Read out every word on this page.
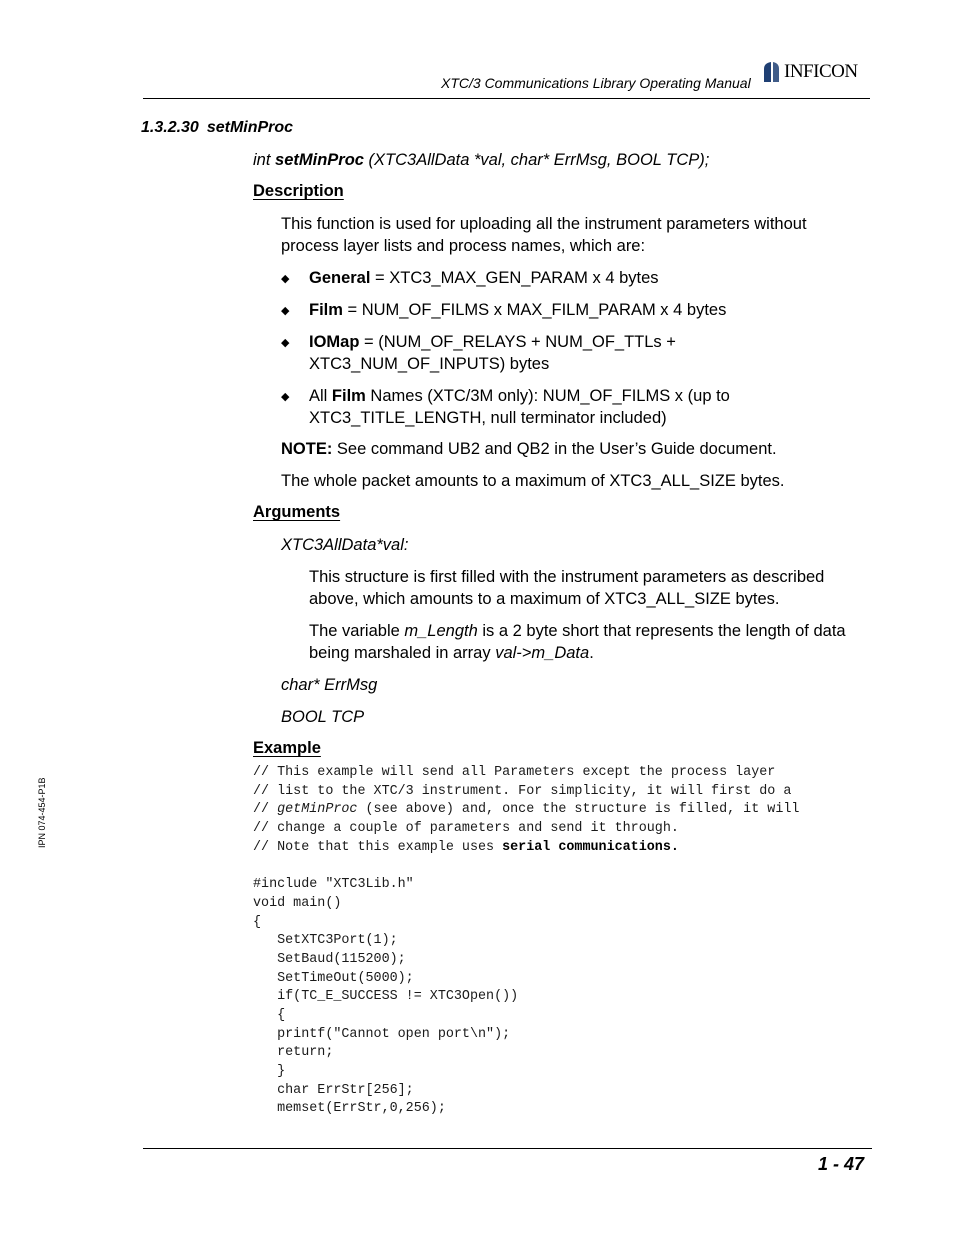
XTC/3 Communications Library Operating Manual
INFICON
IPN 074-454-P1B
1.3.2.30 setMinProc
int setMinProc (XTC3AllData *val, char* ErrMsg, BOOL TCP);
Description
This function is used for uploading all the instrument parameters without
process layer lists and process names, which are:
◆ General = XTC3_MAX_GEN_PARAM x 4 bytes
◆ Film = NUM_OF_FILMS x MAX_FILM_PARAM x 4 bytes
◆ IOMap = (NUM_OF_RELAYS + NUM_OF_TTLs +
XTC3_NUM_OF_INPUTS) bytes
◆ All Film Names (XTC/3M only): NUM_OF_FILMS x (up to
XTC3_TITLE_LENGTH, null terminator included)
NOTE: See command UB2 and QB2 in the User’s Guide document.
The whole packet amounts to a maximum of XTC3_ALL_SIZE bytes.
Arguments
XTC3AllData*val:
This structure is first filled with the instrument parameters as described
above, which amounts to a maximum of XTC3_ALL_SIZE bytes.
The variable m_Length is a 2 byte short that represents the length of data
being marshaled in array val->m_Data.
char* ErrMsg
BOOL TCP
Example
// This example will send all Parameters except the process layer
// list to the XTC/3 instrument. For simplicity, it will first do a
// getMinProc (see above) and, once the structure is filled, it will
// change a couple of parameters and send it through.
// Note that this example uses serial communications.
#include "XTC3Lib.h"
void main()
{
SetXTC3Port(1);
SetBaud(115200);
SetTimeOut(5000);
if(TC_E_SUCCESS != XTC3Open())
{
printf("Cannot open port\n");
return;
}
char ErrStr[256];
memset(ErrStr,0,256);
1 - 47
